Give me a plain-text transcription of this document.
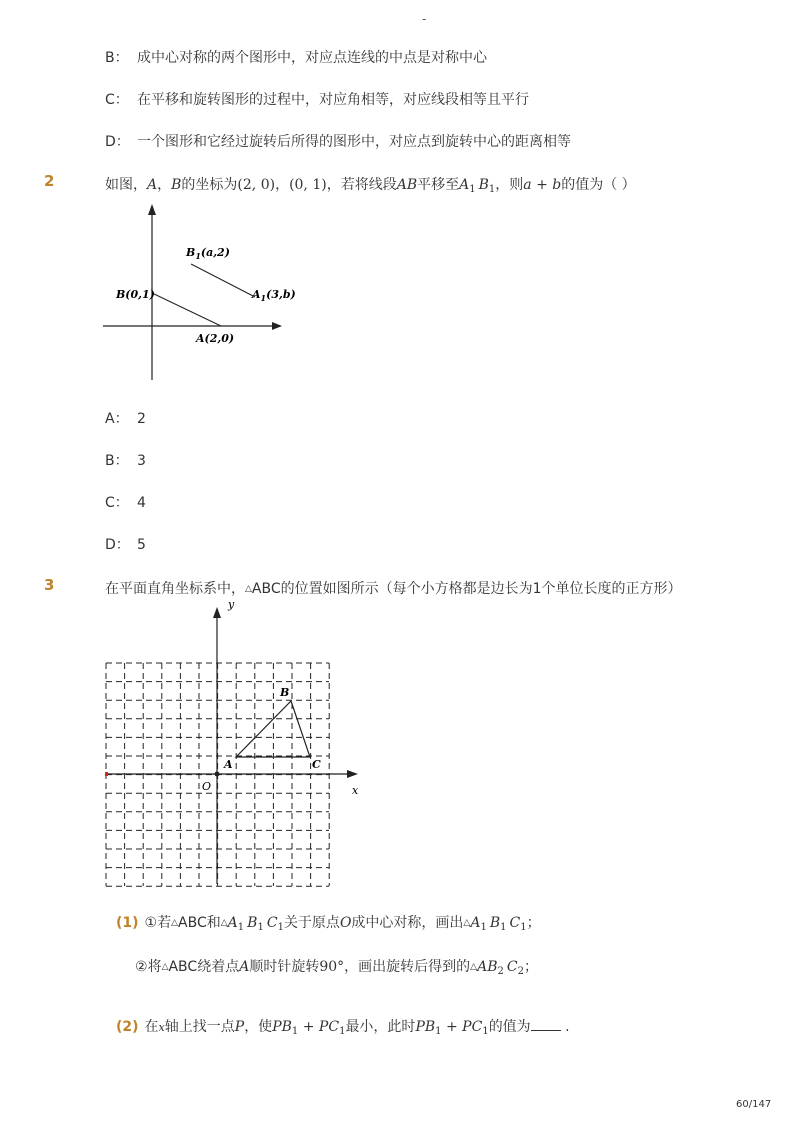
-
B： 成中心对称的两个图形中，对应点连线的中点是对称中心
C： 在平移和旋转图形的过程中，对应角相等，对应线段相等且平行
D： 一个图形和它经过旋转后所得的图形中，对应点到旋转中心的距离相等
2	如图，A，B的坐标为(2, 0)，(0, 1)，若将线段AB平移至$A_1$ $B_1$，则a + b的值为（ ）
$B_1(a,2)$
$A_1(3,b)$
B(0,1)
A(2,0)
A： 2
B： 3
C： 4
D： 5
3	在平面直角坐标系中，△ABC的位置如图所示（每个小方格都是边长为1个单位长度的正方形）
y
x
O
A
B
C
(1) ①若△ABC和$\triangle A_1$ $B_1$ $C_1$关于原点O成中心对称，画出$\triangle A_1$ $B_1$ $C_1$；
②将△ABC绕着点A顺时针旋转90°，画出旋转后得到的$\triangle AB_2$ $C_2$；
(2) 在x轴上找一点P，使$PB_1 + PC_1$最小，此时$PB_1 + PC_1$的值为 .
60/147
